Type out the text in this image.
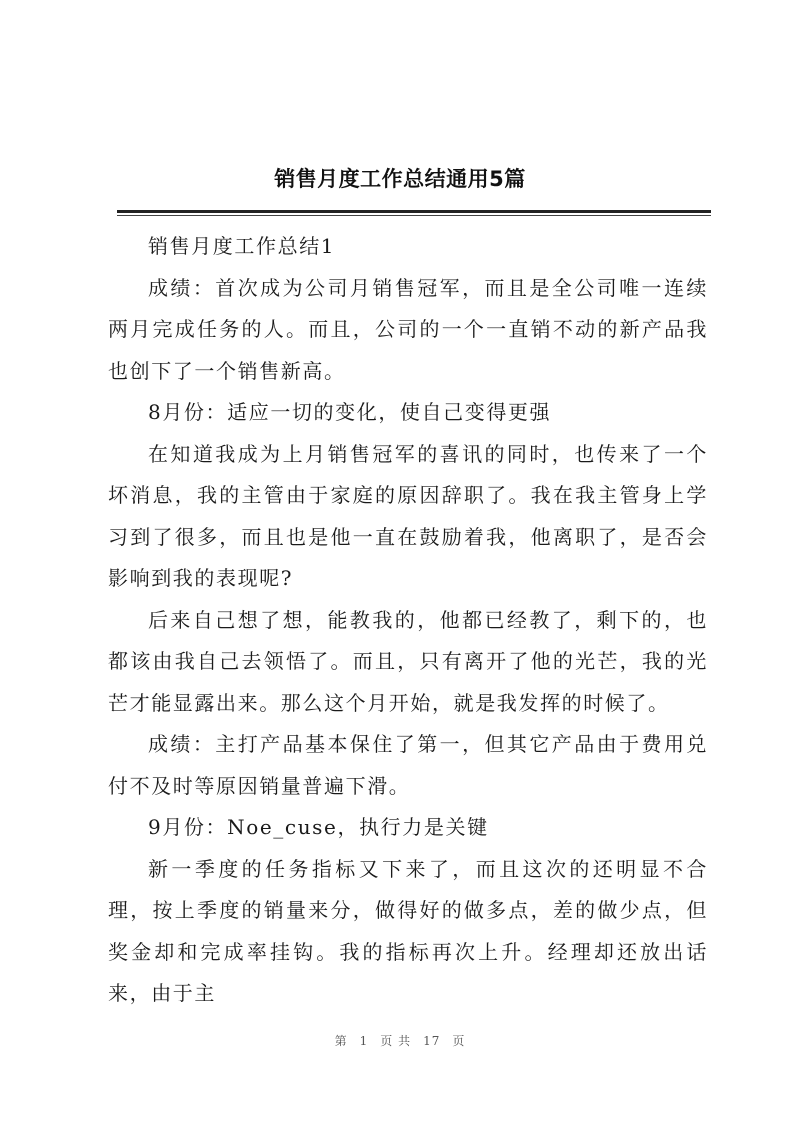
销售月度工作总结通用5篇

销售月度工作总结1

成绩：首次成为公司月销售冠军，而且是全公司唯一连续两月完成任务的人。而且，公司的一个一直销不动的新产品我也创下了一个销售新高。

8月份：适应一切的变化，使自己变得更强

在知道我成为上月销售冠军的喜讯的同时，也传来了一个坏消息，我的主管由于家庭的原因辞职了。我在我主管身上学习到了很多，而且也是他一直在鼓励着我，他离职了，是否会影响到我的表现呢?

后来自己想了想，能教我的，他都已经教了，剩下的，也都该由我自己去领悟了。而且，只有离开了他的光芒，我的光芒才能显露出来。那么这个月开始，就是我发挥的时候了。

成绩：主打产品基本保住了第一，但其它产品由于费用兑付不及时等原因销量普遍下滑。

9月份：Noe_cuse，执行力是关键

新一季度的任务指标又下来了，而且这次的还明显不合理，按上季度的销量来分，做得好的做多点，差的做少点，但奖金却和完成率挂钩。我的指标再次上升。经理却还放出话来，由于主

第 1 页 共 17 页
